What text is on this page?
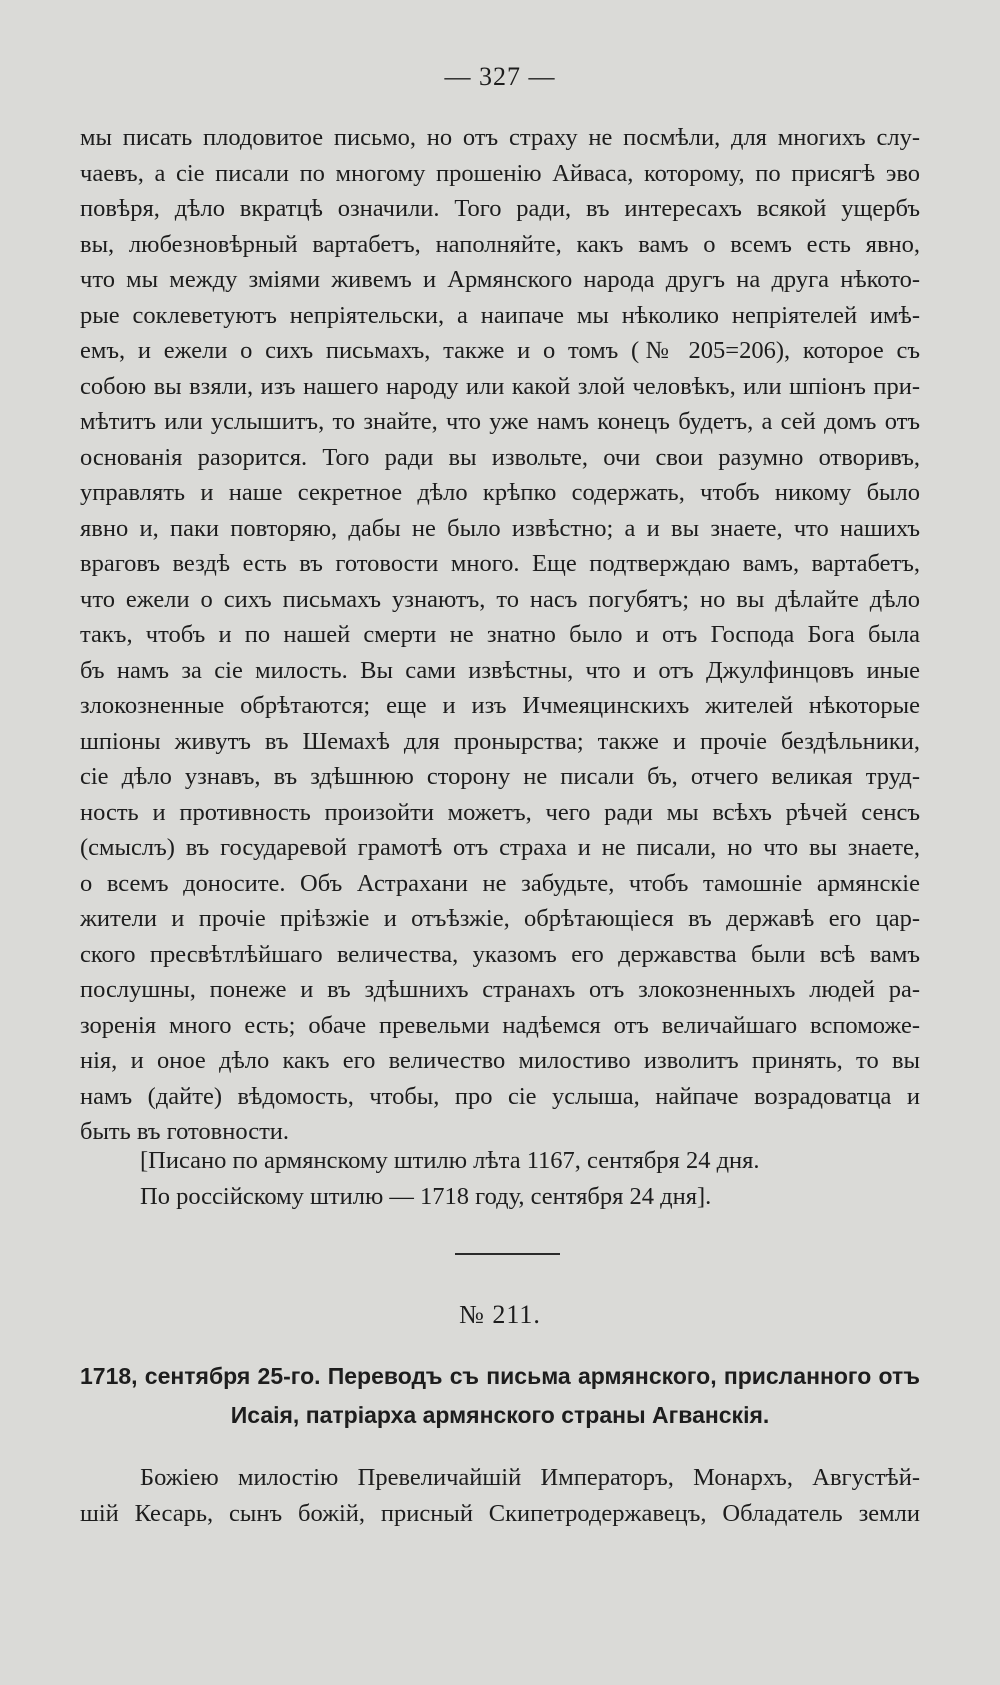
— 327 —
мы писать плодовитое письмо, но отъ страху не посмѣли, для многихъ слу-
чаевъ, а сіе писали по многому прошенію Айваса, которому, по присягѣ эво
повѣря, дѣло вкратцѣ означили. Того ради, въ интересахъ всякой ущербъ
вы, любезновѣрный вартабетъ, наполняйте, какъ вамъ о всемъ есть явно,
что мы между зміями живемъ и Армянского народа другъ на друга нѣкото-
рые соклеветуютъ непріятельски, а наипаче мы нѣколико непріятелей имѣ-
емъ, и ежели о сихъ письмахъ, также и о томъ (№ 205=206), которое съ
собою вы взяли, изъ нашего народу или какой злой человѣкъ, или шпіонъ при-
мѣтитъ или услышитъ, то знайте, что уже намъ конецъ будетъ, а сей домъ отъ
основанія разорится. Того ради вы извольте, очи свои разумно отворивъ,
управлять и наше секретное дѣло крѣпко содержать, чтобъ никому было
явно и, паки повторяю, дабы не было извѣстно; а и вы знаете, что нашихъ
враговъ вездѣ есть въ готовости много. Еще подтверждаю вамъ, вартабетъ,
что ежели о сихъ письмахъ узнаютъ, то насъ погубятъ; но вы дѣлайте дѣло
такъ, чтобъ и по нашей смерти не знатно было и отъ Господа Бога была
бъ намъ за сіе милость. Вы сами извѣстны, что и отъ Джулфинцовъ иные
злокозненные обрѣтаются; еще и изъ Ичмеяцинскихъ жителей нѣкоторые
шпіоны живутъ въ Шемахѣ для пронырства; также и прочіе бездѣльники,
сіе дѣло узнавъ, въ здѣшнюю сторону не писали бъ, отчего великая труд-
ность и противность произойти можетъ, чего ради мы всѣхъ рѣчей сенсъ
(смыслъ) въ государевой грамотѣ отъ страха и не писали, но что вы знаете,
о всемъ доносите. Объ Астрахани не забудьте, чтобъ тамошніе армянскіе
жители и прочіе пріѣзжіе и отъѣзжіе, обрѣтающіеся въ державѣ его цар-
ского пресвѣтлѣйшаго величества, указомъ его державства были всѣ вамъ
послушны, понеже и въ здѣшнихъ странахъ отъ злокозненныхъ людей ра-
зоренія много есть; обаче превельми надѣемся отъ величайшаго вспоможе-
нія, и оное дѣло какъ его величество милостиво изволитъ принять, то вы
намъ (дайте) вѣдомость, чтобы, про сіе услыша, найпаче возрадоватца и
быть въ готовности.
[Писано по армянскому штилю лѣта 1167, сентября 24 дня.
По россійскому штилю — 1718 году, сентября 24 дня].
№ 211.
1718, сентября 25-го. Переводъ съ письма армянского, присланного отъ
Исаія, патріарха армянского страны Агванскія.
Божіею милостію Превеличайшій Императоръ, Монархъ, Августѣй-
шій Кесарь, сынъ божій, присный Скипетродержавецъ, Обладатель земли
